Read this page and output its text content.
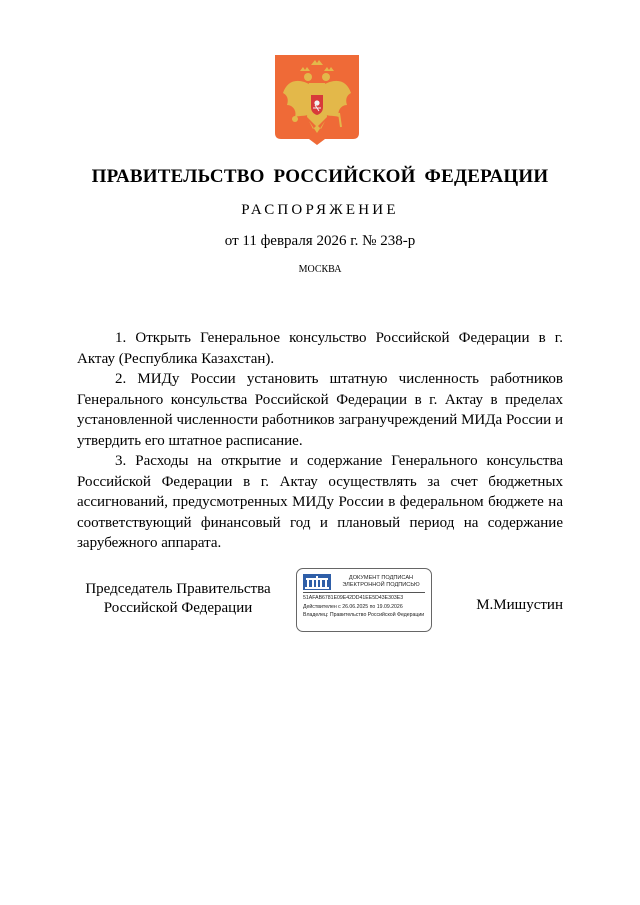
ПРАВИТЕЛЬСТВО РОССИЙСКОЙ ФЕДЕРАЦИИ
РАСПОРЯЖЕНИЕ
от 11 февраля 2026 г. № 238-р
МОСКВА

1. Открыть Генеральное консульство Российской Федерации в г. Актау (Республика Казахстан).

2. МИДу России установить штатную численность работников Генерального консульства Российской Федерации в г. Актау в пределах установленной численности работников загранучреждений МИДа России и утвердить его штатное расписание.

3. Расходы на открытие и содержание Генерального консульства Российской Федерации в г. Актау осуществлять за счет бюджетных ассигнований, предусмотренных МИДу России в федеральном бюджете на соответствующий финансовый год и плановый период на содержание зарубежного аппарата.

Председатель Правительства
Российской Федерации
ДОКУМЕНТ ПОДПИСАН
ЭЛЕКТРОННОЙ ПОДПИСЬЮ
51AFAB6781E09E42DD41EE5D43E303E3
Действителен с 26.06.2025 по 19.09.2026
Владелец: Правительство Российской Федерации
М.Мишустин
